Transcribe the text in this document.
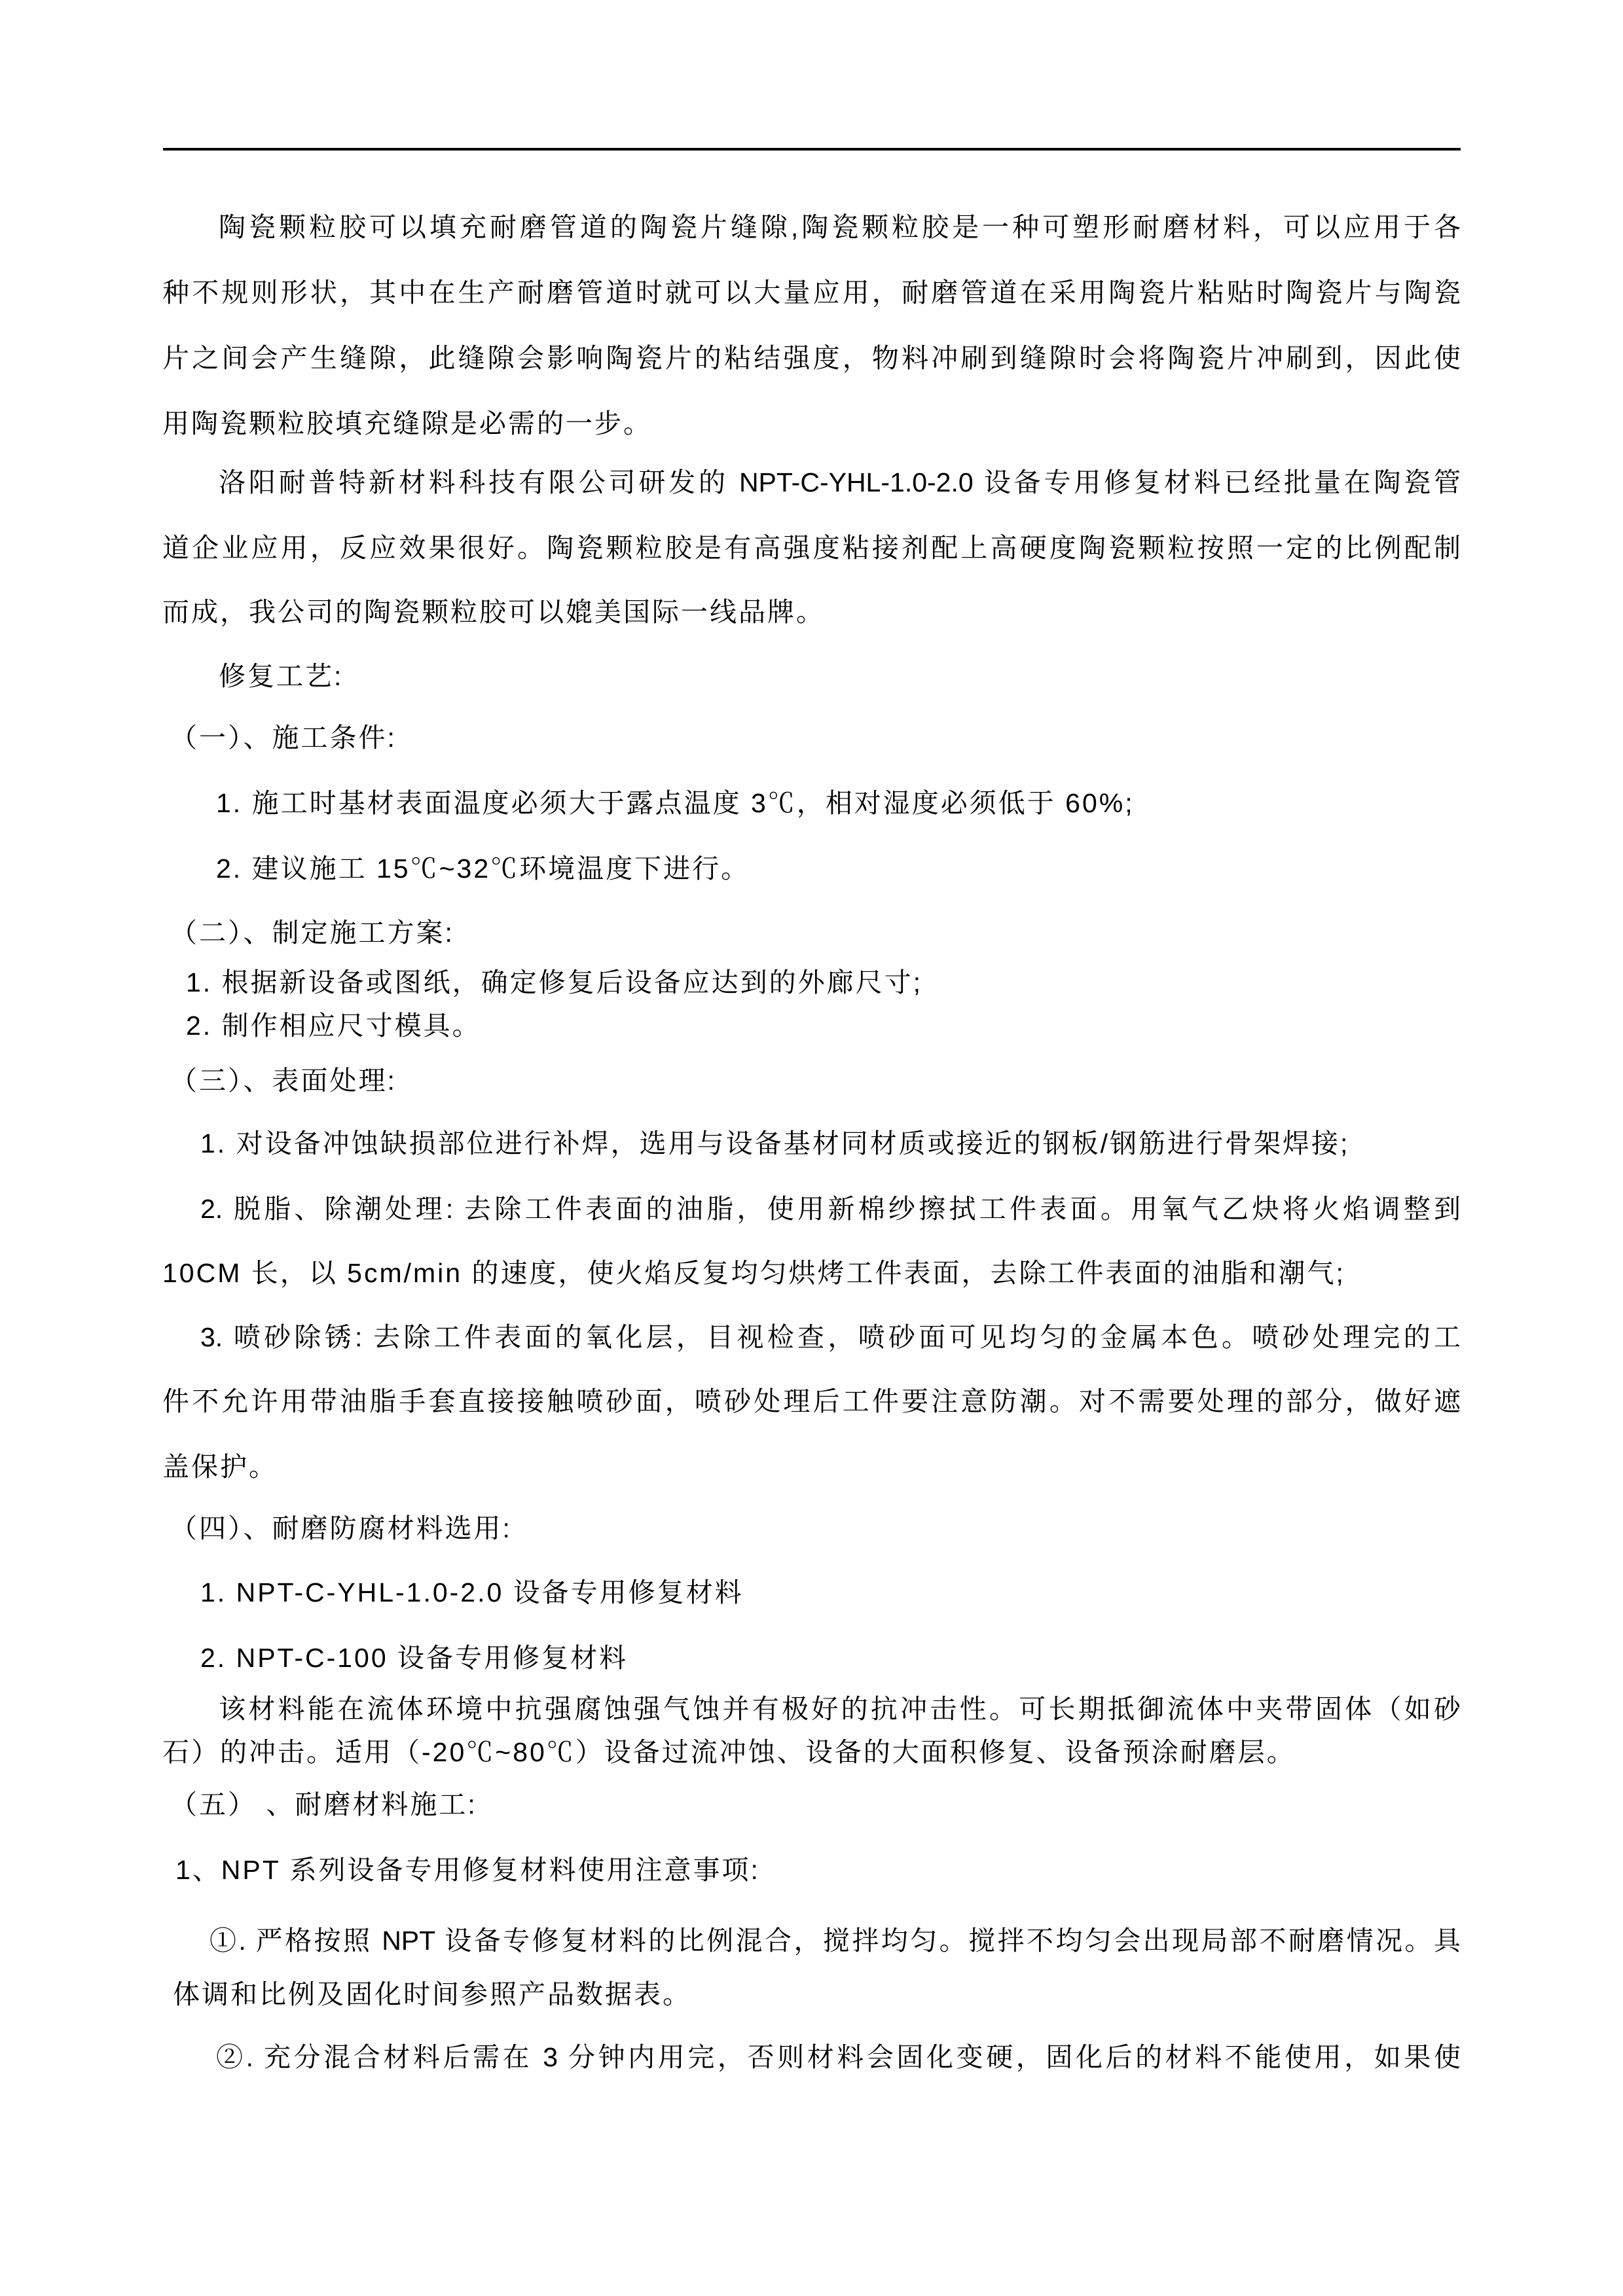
陶瓷颗粒胶可以填充耐磨管道的陶瓷片缝隙,陶瓷颗粒胶是一种可塑形耐磨材料，可以应用于各
种不规则形状，其中在生产耐磨管道时就可以大量应用，耐磨管道在采用陶瓷片粘贴时陶瓷片与陶瓷
片之间会产生缝隙，此缝隙会影响陶瓷片的粘结强度，物料冲刷到缝隙时会将陶瓷片冲刷到，因此使
用陶瓷颗粒胶填充缝隙是必需的一步。
洛阳耐普特新材料科技有限公司研发的 NPT-C-YHL-1.0-2.0 设备专用修复材料已经批量在陶瓷管
道企业应用，反应效果很好。陶瓷颗粒胶是有高强度粘接剂配上高硬度陶瓷颗粒按照一定的比例配制
而成，我公司的陶瓷颗粒胶可以媲美国际一线品牌。
修复工艺:
（一）、施工条件:
1. 施工时基材表面温度必须大于露点温度 3℃，相对湿度必须低于 60%;
2. 建议施工 15℃~32℃环境温度下进行。
（二）、制定施工方案:
1. 根据新设备或图纸，确定修复后设备应达到的外廊尺寸;
2. 制作相应尺寸模具。
（三）、表面处理:
1. 对设备冲蚀缺损部位进行补焊，选用与设备基材同材质或接近的钢板/钢筋进行骨架焊接;
2. 脱脂、除潮处理: 去除工件表面的油脂，使用新棉纱擦拭工件表面。用氧气乙炔将火焰调整到
10CM 长，以 5cm/min 的速度，使火焰反复均匀烘烤工件表面，去除工件表面的油脂和潮气;
3. 喷砂除锈: 去除工件表面的氧化层，目视检查，喷砂面可见均匀的金属本色。喷砂处理完的工
件不允许用带油脂手套直接接触喷砂面，喷砂处理后工件要注意防潮。对不需要处理的部分，做好遮
盖保护。
（四）、耐磨防腐材料选用:
1. NPT-C-YHL-1.0-2.0 设备专用修复材料
2. NPT-C-100 设备专用修复材料
该材料能在流体环境中抗强腐蚀强气蚀并有极好的抗冲击性。可长期抵御流体中夹带固体（如砂
石）的冲击。适用（-20℃~80℃）设备过流冲蚀、设备的大面积修复、设备预涂耐磨层。
（五） 、耐磨材料施工:
1、NPT 系列设备专用修复材料使用注意事项:
①. 严格按照 NPT 设备专修复材料的比例混合，搅拌均匀。搅拌不均匀会出现局部不耐磨情况。具
体调和比例及固化时间参照产品数据表。
②. 充分混合材料后需在 3 分钟内用完，否则材料会固化变硬，固化后的材料不能使用，如果使
